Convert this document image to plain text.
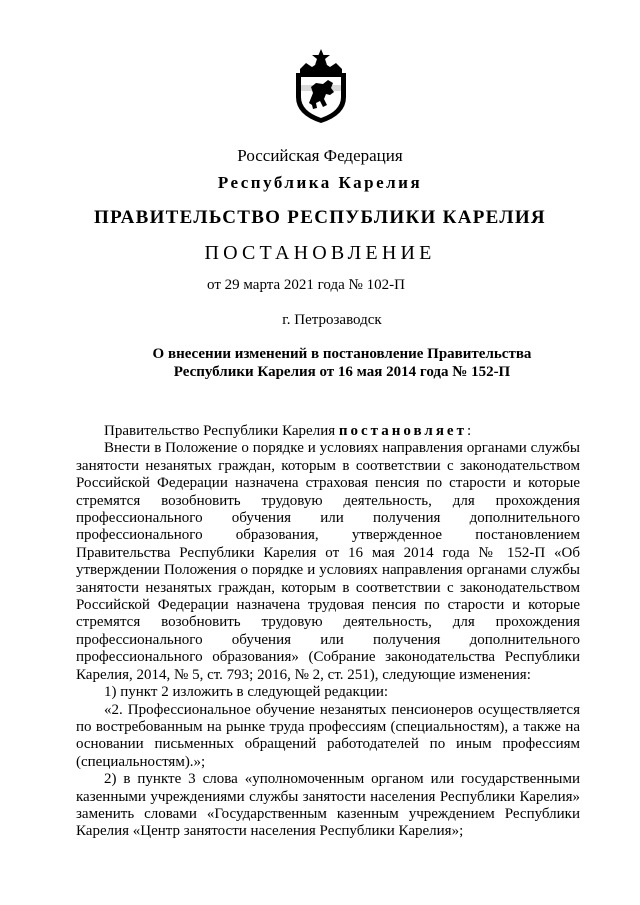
Российская Федерация
Республика Карелия
ПРАВИТЕЛЬСТВО РЕСПУБЛИКИ КАРЕЛИЯ
ПОСТАНОВЛЕНИЕ
от 29 марта 2021 года № 102-П
г. Петрозаводск
О внесении изменений в постановление Правительства
Республики Карелия от 16 мая 2014 года № 152-П

Правительство Республики Карелия постановляет:

Внести в Положение о порядке и условиях направления органами службы занятости незанятых граждан, которым в соответствии с законодательством Российской Федерации назначена страховая пенсия по старости и которые стремятся возобновить трудовую деятельность, для прохождения профессионального обучения или получения дополнительного профессионального образования, утвержденное постановлением Правительства Республики Карелия от 16 мая 2014 года № 152-П «Об утверждении Положения о порядке и условиях направления органами службы занятости незанятых граждан, которым в соответствии с законодательством Российской Федерации назначена трудовая пенсия по старости и которые стремятся возобновить трудовую деятельность, для прохождения профессионального обучения или получения дополнительного профессионального образования» (Собрание законодательства Республики Карелия, 2014, № 5, ст. 793; 2016, № 2, ст. 251), следующие изменения:

1) пункт 2 изложить в следующей редакции:

«2. Профессиональное обучение незанятых пенсионеров осуществляется по востребованным на рынке труда профессиям (специальностям), а также на основании письменных обращений работодателей по иным профессиям (специальностям).»;

2) в пункте 3 слова «уполномоченным органом или государственными казенными учреждениями службы занятости населения Республики Карелия» заменить словами «Государственным казенным учреждением Республики Карелия «Центр занятости населения Республики Карелия»;
